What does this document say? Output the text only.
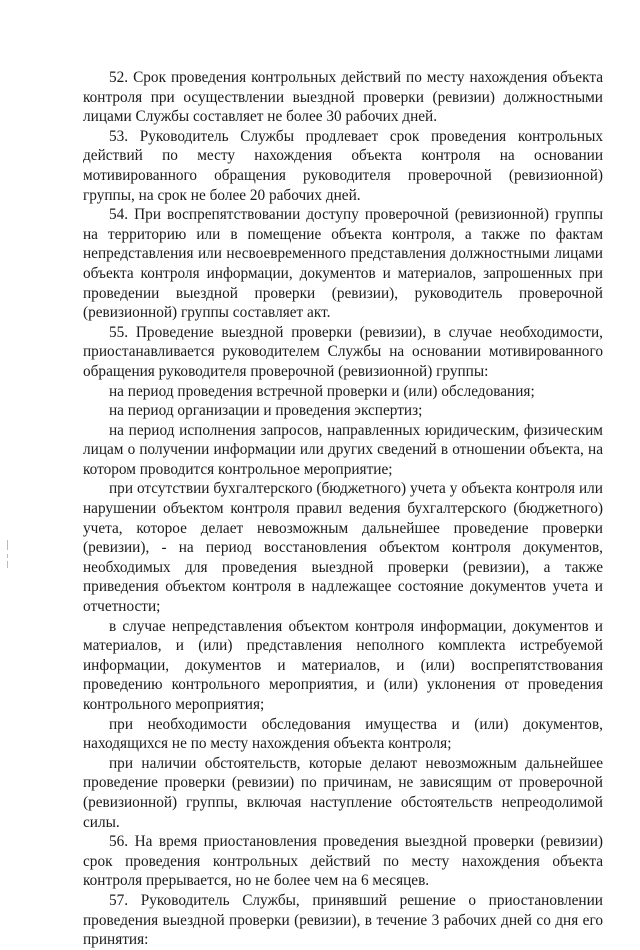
52. Срок проведения контрольных действий по месту нахождения объекта контроля при осуществлении выездной проверки (ревизии) должностными лицами Службы составляет не более 30 рабочих дней.

53. Руководитель Службы продлевает срок проведения контрольных действий по месту нахождения объекта контроля на основании мотивированного обращения руководителя проверочной (ревизионной) группы, на срок не более 20 рабочих дней.

54. При воспрепятствовании доступу проверочной (ревизионной) группы на территорию или в помещение объекта контроля, а также по фактам непредставления или несвоевременного представления должностными лицами объекта контроля информации, документов и материалов, запрошенных при проведении выездной проверки (ревизии), руководитель проверочной (ревизионной) группы составляет акт.

55. Проведение выездной проверки (ревизии), в случае необходимости, приостанавливается руководителем Службы на основании мотивированного обращения руководителя проверочной (ревизионной) группы:

на период проведения встречной проверки и (или) обследования;

на период организации и проведения экспертиз;

на период исполнения запросов, направленных юридическим, физическим лицам о получении информации или других сведений в отношении объекта, на котором проводится контрольное мероприятие;

при отсутствии бухгалтерского (бюджетного) учета у объекта контроля или нарушении объектом контроля правил ведения бухгалтерского (бюджетного) учета, которое делает невозможным дальнейшее проведение проверки (ревизии), - на период восстановления объектом контроля документов, необходимых для проведения выездной проверки (ревизии), а также приведения объектом контроля в надлежащее состояние документов учета и отчетности;

в случае непредставления объектом контроля информации, документов и материалов, и (или) представления неполного комплекта истребуемой информации, документов и материалов, и (или) воспрепятствования проведению контрольного мероприятия, и (или) уклонения от проведения контрольного мероприятия;

при необходимости обследования имущества и (или) документов, находящихся не по месту нахождения объекта контроля;

при наличии обстоятельств, которые делают невозможным дальнейшее проведение проверки (ревизии) по причинам, не зависящим от проверочной (ревизионной) группы, включая наступление обстоятельств непреодолимой силы.

56. На время приостановления проведения выездной проверки (ревизии) срок проведения контрольных действий по месту нахождения объекта контроля прерывается, но не более чем на 6 месяцев.

57. Руководитель Службы, принявший решение о приостановлении проведения выездной проверки (ревизии), в течение 3 рабочих дней со дня его принятия:
